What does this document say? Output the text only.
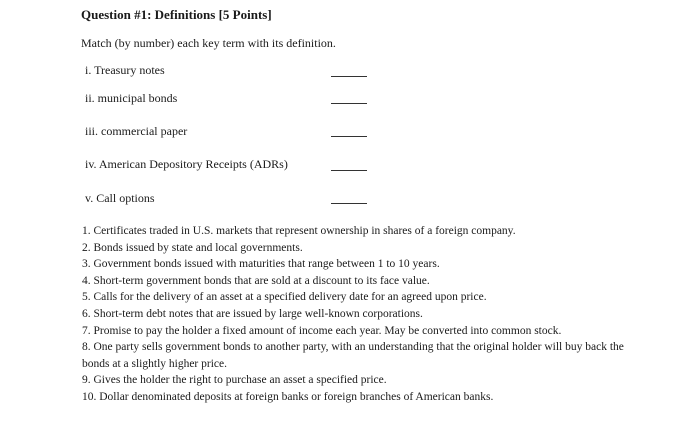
Question #1: Definitions [5 Points]
Match (by number) each key term with its definition.
i. Treasury notes
ii. municipal bonds
iii. commercial paper
iv. American Depository Receipts (ADRs)
v. Call options
1. Certificates traded in U.S. markets that represent ownership in shares of a foreign company.
2. Bonds issued by state and local governments.
3. Government bonds issued with maturities that range between 1 to 10 years.
4. Short-term government bonds that are sold at a discount to its face value.
5. Calls for the delivery of an asset at a specified delivery date for an agreed upon price.
6. Short-term debt notes that are issued by large well-known corporations.
7. Promise to pay the holder a fixed amount of income each year. May be converted into common stock.
8. One party sells government bonds to another party, with an understanding that the original holder will buy back the bonds at a slightly higher price.
9. Gives the holder the right to purchase an asset a specified price.
10. Dollar denominated deposits at foreign banks or foreign branches of American banks.
